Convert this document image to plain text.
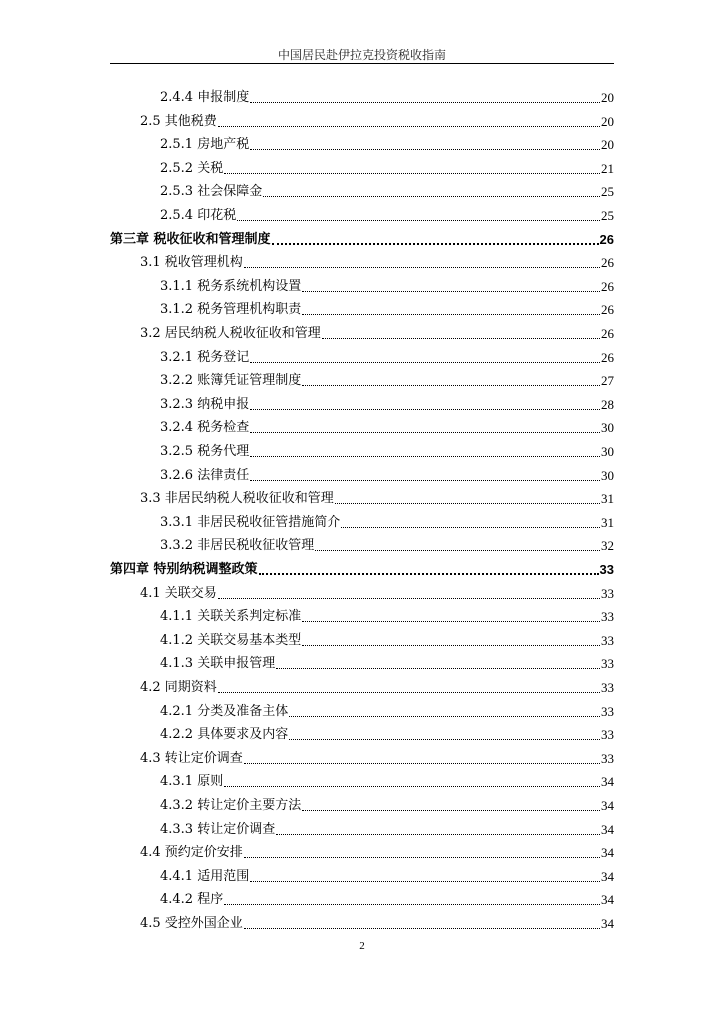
中国居民赴伊拉克投资税收指南
2.4.4 申报制度	20
2.5 其他税费	20
2.5.1 房地产税	20
2.5.2 关税	21
2.5.3 社会保障金	25
2.5.4 印花税	25
第三章 税收征收和管理制度	26
3.1 税收管理机构	26
3.1.1 税务系统机构设置	26
3.1.2 税务管理机构职责	26
3.2 居民纳税人税收征收和管理	26
3.2.1 税务登记	26
3.2.2 账簿凭证管理制度	27
3.2.3 纳税申报	28
3.2.4 税务检查	30
3.2.5 税务代理	30
3.2.6 法律责任	30
3.3 非居民纳税人税收征收和管理	31
3.3.1 非居民税收征管措施简介	31
3.3.2 非居民税收征收管理	32
第四章 特别纳税调整政策	33
4.1 关联交易	33
4.1.1 关联关系判定标准	33
4.1.2 关联交易基本类型	33
4.1.3 关联申报管理	33
4.2 同期资料	33
4.2.1 分类及准备主体	33
4.2.2 具体要求及内容	33
4.3 转让定价调查	33
4.3.1 原则	34
4.3.2 转让定价主要方法	34
4.3.3 转让定价调查	34
4.4 预约定价安排	34
4.4.1 适用范围	34
4.4.2 程序	34
4.5 受控外国企业	34
2
